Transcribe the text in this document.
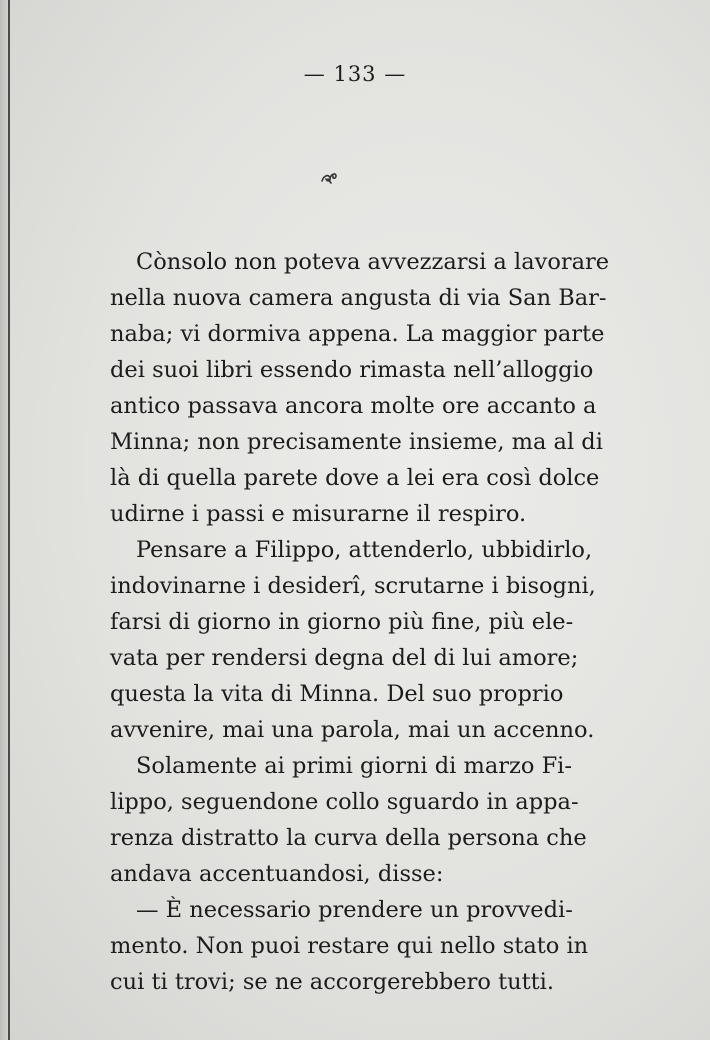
— 133 —
Cònsolo non poteva avvezzarsi a lavorare
nella nuova camera angusta di via San Bar-
naba; vi dormiva appena. La maggior parte
dei suoi libri essendo rimasta nell’alloggio
antico passava ancora molte ore accanto a
Minna; non precisamente insieme, ma al di
là di quella parete dove a lei era così dolce
udirne i passi e misurarne il respiro.
Pensare a Filippo, attenderlo, ubbidirlo,
indovinarne i desiderî, scrutarne i bisogni,
farsi di giorno in giorno più fine, più ele-
vata per rendersi degna del di lui amore;
questa la vita di Minna. Del suo proprio
avvenire, mai una parola, mai un accenno.
Solamente ai primi giorni di marzo Fi-
lippo, seguendone collo sguardo in appa-
renza distratto la curva della persona che
andava accentuandosi, disse:
— È necessario prendere un provvedi-
mento. Non puoi restare qui nello stato in
cui ti trovi; se ne accorgerebbero tutti.
